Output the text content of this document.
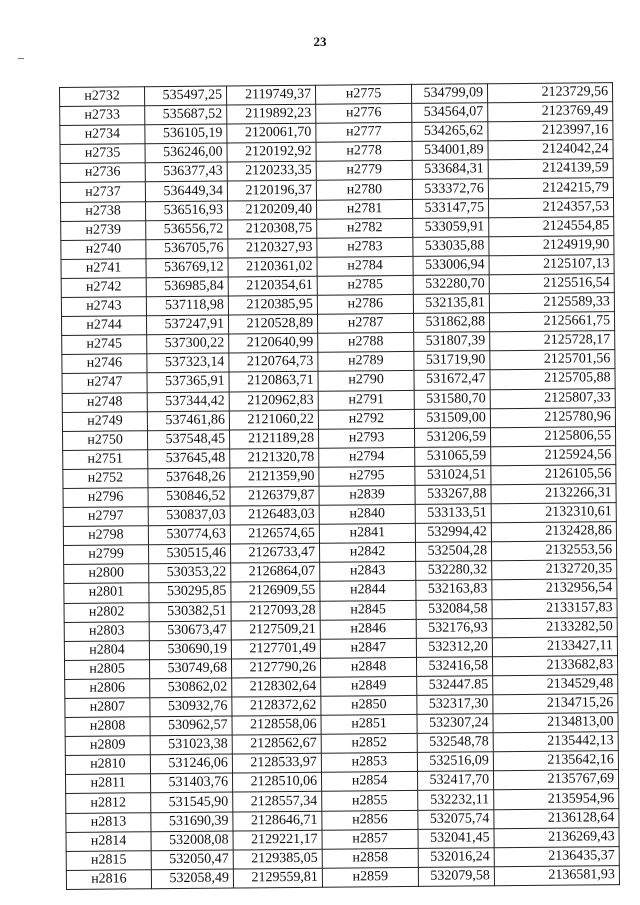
23
н2732	535497,25	2119749,37	н2775	534799,09	2123729,56
н2733	535687,52	2119892,23	н2776	534564,07	2123769,49
н2734	536105,19	2120061,70	н2777	534265,62	2123997,16
н2735	536246,00	2120192,92	н2778	534001,89	2124042,24
н2736	536377,43	2120233,35	н2779	533684,31	2124139,59
н2737	536449,34	2120196,37	н2780	533372,76	2124215,79
н2738	536516,93	2120209,40	н2781	533147,75	2124357,53
н2739	536556,72	2120308,75	н2782	533059,91	2124554,85
н2740	536705,76	2120327,93	н2783	533035,88	2124919,90
н2741	536769,12	2120361,02	н2784	533006,94	2125107,13
н2742	536985,84	2120354,61	н2785	532280,70	2125516,54
н2743	537118,98	2120385,95	н2786	532135,81	2125589,33
н2744	537247,91	2120528,89	н2787	531862,88	2125661,75
н2745	537300,22	2120640,99	н2788	531807,39	2125728,17
н2746	537323,14	2120764,73	н2789	531719,90	2125701,56
н2747	537365,91	2120863,71	н2790	531672,47	2125705,88
н2748	537344,42	2120962,83	н2791	531580,70	2125807,33
н2749	537461,86	2121060,22	н2792	531509,00	2125780,96
н2750	537548,45	2121189,28	н2793	531206,59	2125806,55
н2751	537645,48	2121320,78	н2794	531065,59	2125924,56
н2752	537648,26	2121359,90	н2795	531024,51	2126105,56
н2796	530846,52	2126379,87	н2839	533267,88	2132266,31
н2797	530837,03	2126483,03	н2840	533133,51	2132310,61
н2798	530774,63	2126574,65	н2841	532994,42	2132428,86
н2799	530515,46	2126733,47	н2842	532504,28	2132553,56
н2800	530353,22	2126864,07	н2843	532280,32	2132720,35
н2801	530295,85	2126909,55	н2844	532163,83	2132956,54
н2802	530382,51	2127093,28	н2845	532084,58	2133157,83
н2803	530673,47	2127509,21	н2846	532176,93	2133282,50
н2804	530690,19	2127701,49	н2847	532312,20	2133427,11
н2805	530749,68	2127790,26	н2848	532416,58	2133682,83
н2806	530862,02	2128302,64	н2849	532447.85	2134529,48
н2807	530932,76	2128372,62	н2850	532317,30	2134715,26
н2808	530962,57	2128558,06	н2851	532307,24	2134813,00
н2809	531023,38	2128562,67	н2852	532548,78	2135442,13
н2810	531246,06	2128533,97	н2853	532516,09	2135642,16
н2811	531403,76	2128510,06	н2854	532417,70	2135767,69
н2812	531545,90	2128557,34	н2855	532232,11	2135954,96
н2813	531690,39	2128646,71	н2856	532075,74	2136128,64
н2814	532008,08	2129221,17	н2857	532041,45	2136269,43
н2815	532050,47	2129385,05	н2858	532016,24	2136435,37
н2816	532058,49	2129559,81	н2859	532079,58	2136581,93
